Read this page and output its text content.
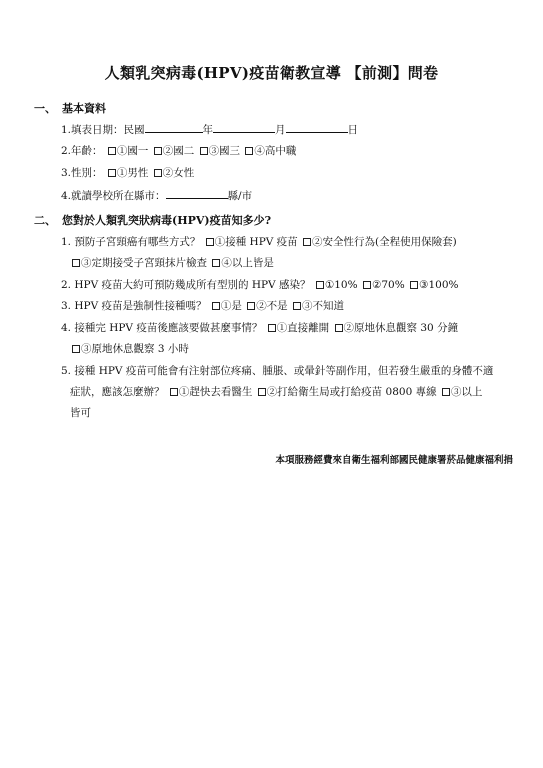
人類乳突病毒(HPV)疫苗衛教宣導 【前測】問卷
一、 基本資料
1.填表日期：民國	年	月	日
2.年齡： ①國一 ②國二 ③國三 ④高中職
3.性別： ①男性 ②女性
4.就讀學校所在縣市：	縣/市
二、 您對於人類乳突狀病毒(HPV)疫苗知多少?
1. 預防子宮頸癌有哪些方式？ ①接種 HPV 疫苗 ②安全性行為(全程使用保險套)
③定期接受子宮頸抹片檢查 ④以上皆是
2. HPV 疫苗大約可預防幾成所有型別的 HPV 感染？ ①10% ②70% ③100%
3. HPV 疫苗是強制性接種嗎？ ①是 ②不是 ③不知道
4. 接種完 HPV 疫苗後應該要做甚麼事情？ ①直接離開 ②原地休息觀察 30 分鐘
③原地休息觀察 3 小時
5. 接種 HPV 疫苗可能會有注射部位疼痛、腫脹、或暈針等副作用，但若發生嚴重的身體不適
症狀，應該怎麼辦？ ①趕快去看醫生 ②打給衛生局或打給疫苗 0800 專線 ③以上
皆可
本項服務經費來自衛生福利部國民健康署菸品健康福利捐
